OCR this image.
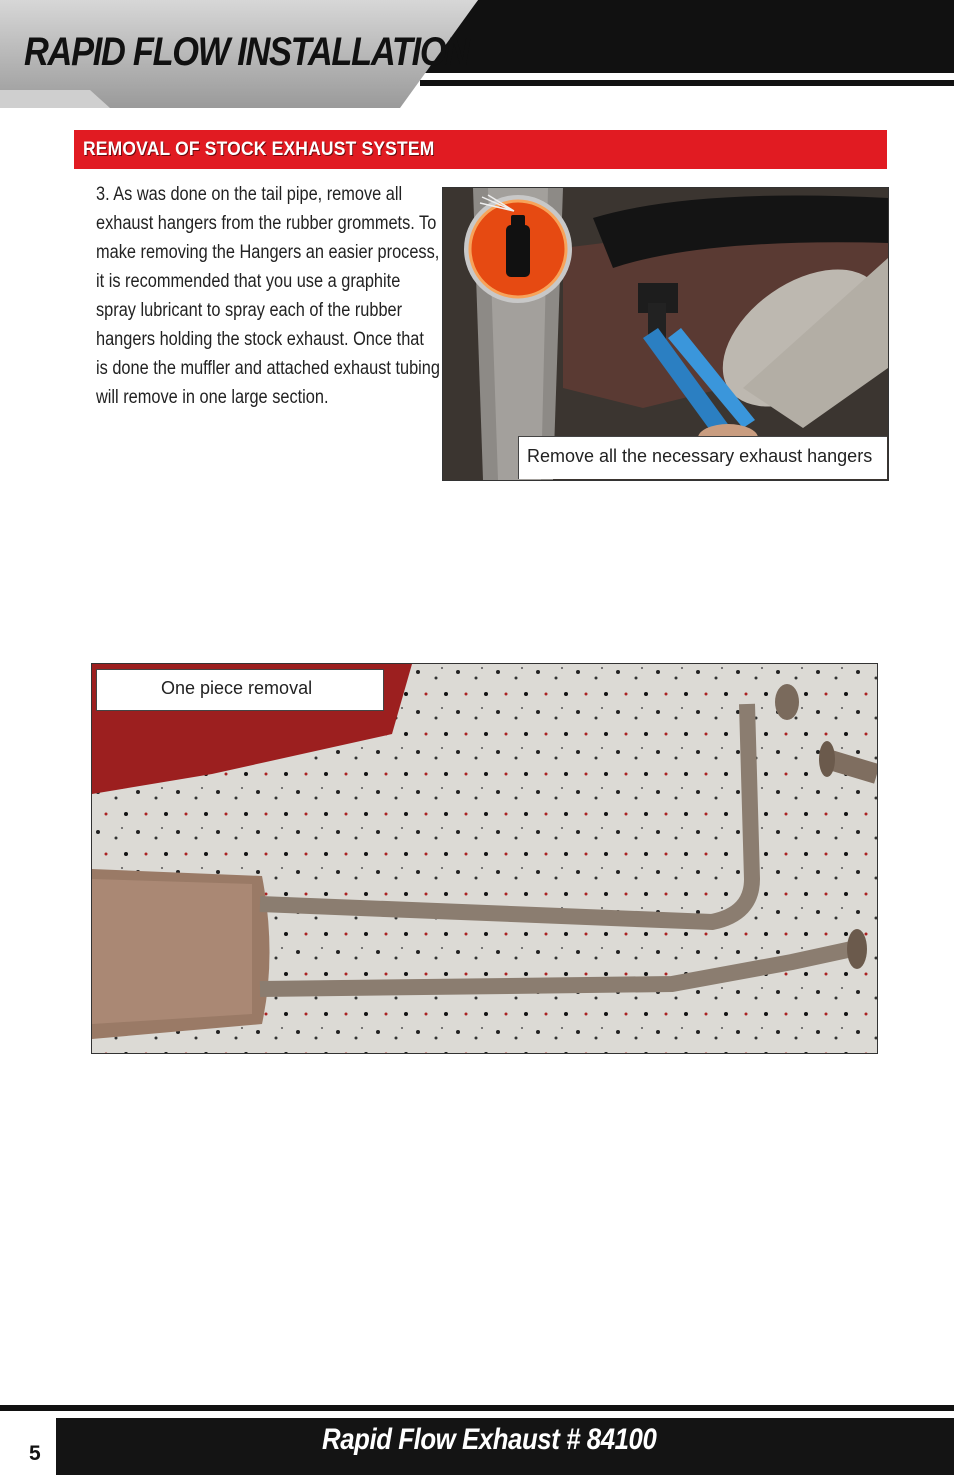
RAPID FLOW INSTALLATION
REMOVAL OF STOCK EXHAUST SYSTEM

3. As was done on the tail pipe, remove all exhaust hangers from the rubber grommets. To make removing the Hangers an easier process, it is recommended that you use a graphite spray lubricant to spray each of the rubber hangers holding the stock exhaust. Once that is done the muffler and attached exhaust tubing will remove in one large section.

Remove all the necessary exhaust hangers
One piece removal
5	Rapid Flow Exhaust # 84100
